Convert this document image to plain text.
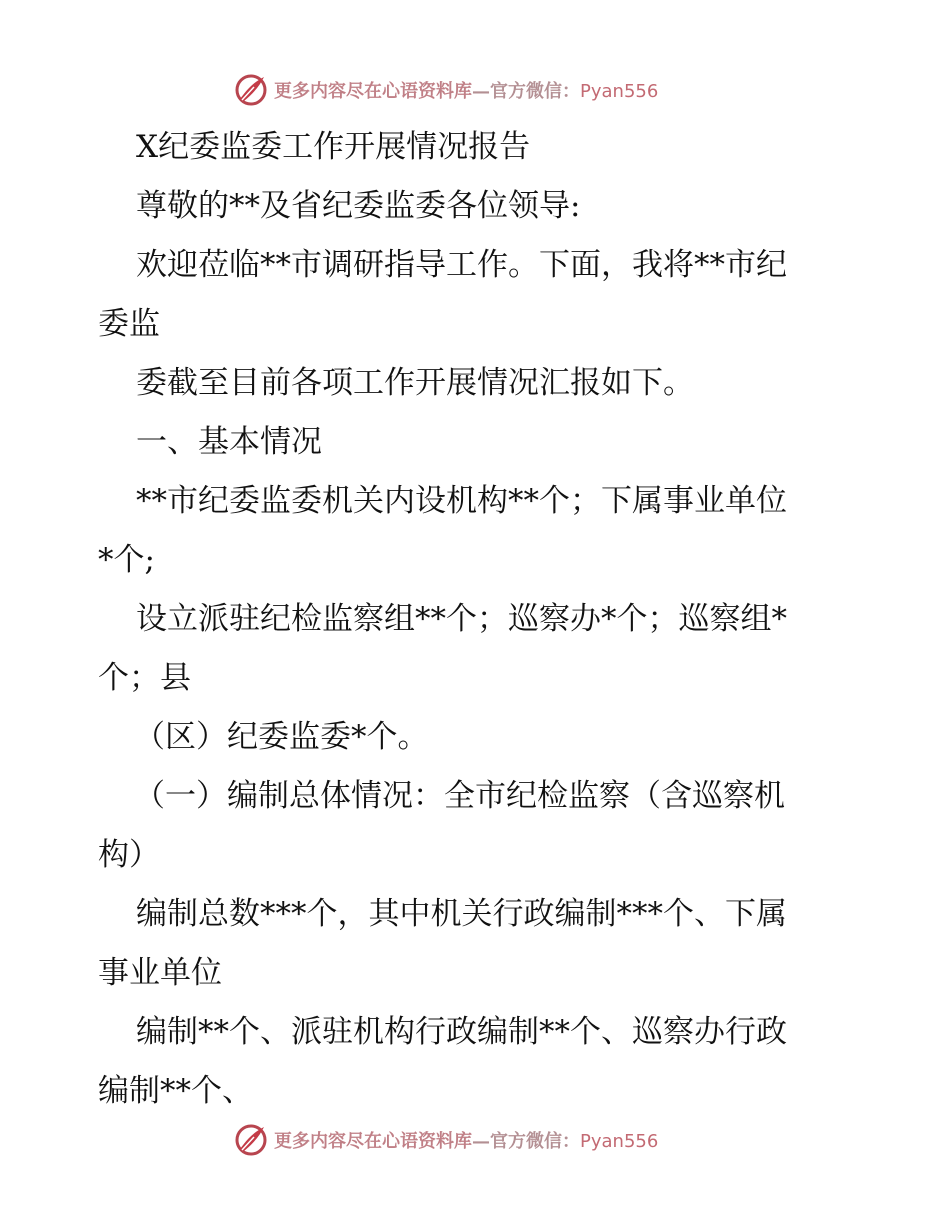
更多内容尽在心语资料库—官方微信：Pyan556
X纪委监委工作开展情况报告
尊敬的**及省纪委监委各位领导:
欢迎莅临**市调研指导工作。下面，我将**市纪
委监
委截至目前各项工作开展情况汇报如下。
一、基本情况
**市纪委监委机关内设机构**个；下属事业单位
*个;
设立派驻纪检监察组**个；巡察办*个；巡察组*
个；县
（区）纪委监委*个。
（一）编制总体情况：全市纪检监察（含巡察机
构）
编制总数***个，其中机关行政编制***个、下属
事业单位
编制**个、派驻机构行政编制**个、巡察办行政
编制**个、
更多内容尽在心语资料库—官方微信：Pyan556
